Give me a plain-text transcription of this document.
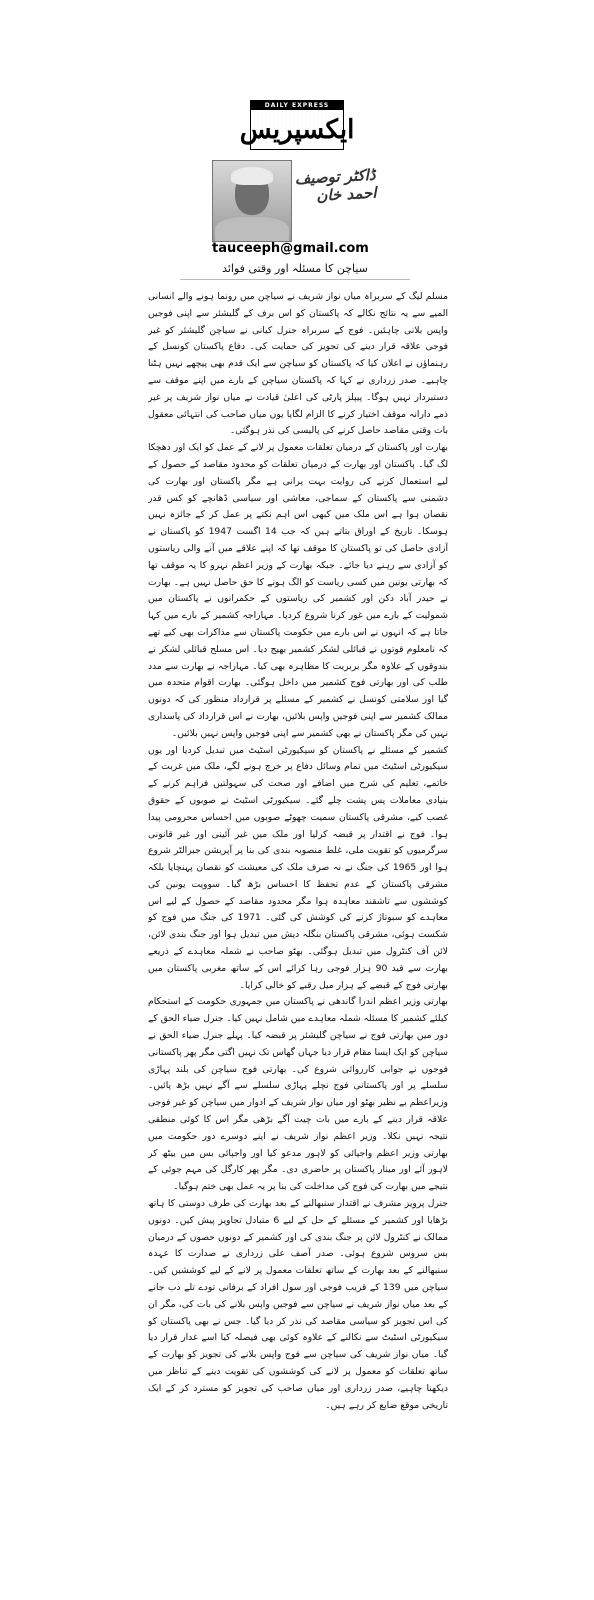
DAILY EXPRESS
ایکسپریس
ڈاکٹر توصیف احمد خان
tauceeph@gmail.com
سیاچن کا مسئلہ اور وقتی فوائد

مسلم لیگ کے سربراہ میاں نواز شریف نے سیاچن میں رونما ہونے والے انسانی المیے سے یہ نتائج نکالے کہ پاکستان کو اس برف کے گلیشئر سے اپنی فوجیں واپس بلانی چاہئیں۔ فوج کے سربراہ جنرل کیانی نے سیاچن گلیشئر کو غیر فوجی علاقہ قرار دینے کی تجویز کی حمایت کی۔ دفاع پاکستان کونسل کے رہنماؤں نے اعلان کیا کہ پاکستان کو سیاچن سے ایک قدم بھی پیچھے نہیں ہٹنا چاہیے۔ صدر زرداری نے کہا کہ پاکستان سیاچن کے بارے میں اپنے موقف سے دستبردار نہیں ہوگا۔ پیپلز پارٹی کی اعلیٰ قیادت نے میاں نواز شریف پر غیر ذمے دارانہ موقف اختیار کرنے کا الزام لگایا یوں میاں صاحب کی انتہائی معقول بات وقتی مقاصد حاصل کرنے کی پالیسی کی نذر ہوگئی۔

بھارت اور پاکستان کے درمیان تعلقات معمول پر لانے کے عمل کو ایک اور دھچکا لگ گیا۔ پاکستان اور بھارت کے درمیان تعلقات کو محدود مقاصد کے حصول کے لیے استعمال کرنے کی روایت بہت پرانی ہے مگر پاکستان اور بھارت کی دشمنی سے پاکستان کے سماجی، معاشی اور سیاسی ڈھانچے کو کس قدر نقصان ہوا ہے اس ملک میں کبھی اس اہم نکتے پر عمل کر کے جائزہ نہیں ہوسکا۔ تاریخ کے اوراق بتاتے ہیں کہ جب 14 اگست 1947 کو پاکستان نے آزادی حاصل کی تو پاکستان کا موقف تھا کہ اپنے علاقے میں آنے والی ریاستوں کو آزادی سے رہنے دیا جائے۔ جبکہ بھارت کے وزیر اعظم نہرو کا یہ موقف تھا کہ بھارتی یونین میں کسی ریاست کو الگ ہونے کا حق حاصل نہیں ہے۔ بھارت نے حیدر آباد دکن اور کشمیر کی ریاستوں کے حکمرانوں نے پاکستان میں شمولیت کے بارے میں غور کرنا شروع کردیا۔ مہاراجہ کشمیر کے بارے میں کہا جاتا ہے کہ انہوں نے اس بارے میں حکومت پاکستان سے مذاکرات بھی کیے تھے کہ نامعلوم قوتوں نے قبائلی لشکر کشمیر بھیج دیا۔ اس مسلح قبائلی لشکر نے بندوقوں کے علاوہ مگر بربریت کا مظاہرہ بھی کیا۔ مہاراجہ نے بھارت سے مدد طلب کی اور بھارتی فوج کشمیر میں داخل ہوگئی۔ بھارت اقوام متحدہ میں گیا اور سلامتی کونسل نے کشمیر کے مسئلے پر قرارداد منظور کی کہ دونوں ممالک کشمیر سے اپنی فوجیں واپس بلائیں، بھارت نے اس قرارداد کی پاسداری نہیں کی مگر پاکستان نے بھی کشمیر سے اپنی فوجیں واپس نہیں بلائیں۔

کشمیر کے مسئلے نے پاکستان کو سیکیورٹی اسٹیٹ میں تبدیل کردیا اور یوں سیکیورٹی اسٹیٹ میں تمام وسائل دفاع پر خرچ ہونے لگے، ملک میں غربت کے خاتمے، تعلیم کی شرح میں اضافے اور صحت کی سہولتیں فراہم کرنے کے بنیادی معاملات پس پشت چلے گئے۔ سیکیورٹی اسٹیٹ نے صوبوں کے حقوق غصب کیے، مشرقی پاکستان سمیت چھوٹے صوبوں میں احساس محرومی پیدا ہوا۔ فوج نے اقتدار پر قبضہ کرلیا اور ملک میں غیر آئینی اور غیر قانونی سرگرمیوں کو تقویت ملی، غلط منصوبہ بندی کی بنا پر آپریشن جبرالٹر شروع ہوا اور 1965 کی جنگ نے نہ صرف ملک کی معیشت کو نقصان پہنچایا بلکہ مشرقی پاکستان کے عدم تحفظ کا احساس بڑھ گیا۔ سوویت یونین کی کوششوں سے تاشقند معاہدہ ہوا مگر محدود مقاصد کے حصول کے لیے اس معاہدے کو سبوتاژ کرنے کی کوشش کی گئی۔ 1971 کی جنگ میں فوج کو شکست ہوئی، مشرقی پاکستان بنگلہ دیش میں تبدیل ہوا اور جنگ بندی لائن، لائن آف کنٹرول میں تبدیل ہوگئی۔ بھٹو صاحب نے شملہ معاہدے کے ذریعے بھارت سے قید 90 ہزار فوجی رہا کرائے اس کے ساتھ مغربی پاکستان میں بھارتی فوج کے قبضے کے ہزار میل رقبے کو خالی کرایا۔

بھارتی وزیر اعظم اندرا گاندھی نے پاکستان میں جمہوری حکومت کے استحکام کیلئے کشمیر کا مسئلہ شملہ معاہدے میں شامل نہیں کیا۔ جنرل ضیاء الحق کے دور میں بھارتی فوج نے سیاچن گلیشئر پر قبضہ کیا۔ پہلے جنرل ضیاء الحق نے سیاچن کو ایک ایسا مقام قرار دیا جہاں گھاس تک نہیں اگتی مگر پھر پاکستانی فوجوں نے جوابی کارروائی شروع کی۔ بھارتی فوج سیاچن کی بلند پہاڑی سلسلے پر اور پاکستانی فوج نچلے پہاڑی سلسلے سے آگے نہیں بڑھ پائیں۔ وزیراعظم بے نظیر بھٹو اور میاں نواز شریف کے ادوار میں سیاچن کو غیر فوجی علاقہ قرار دینے کے بارے میں بات چیت آگے بڑھی مگر اس کا کوئی منطقی نتیجہ نہیں نکلا۔ وزیر اعظم نواز شریف نے اپنے دوسرے دور حکومت میں بھارتی وزیر اعظم واجپائی کو لاہور مدعو کیا اور واجپائی بس میں بیٹھ کر لاہور آئے اور مینار پاکستان پر حاضری دی۔ مگر پھر کارگل کی مہم جوئی کے نتیجے میں بھارت کی فوج کی مداخلت کی بنا پر یہ عمل بھی ختم ہوگیا۔

جنرل پرویز مشرف نے اقتدار سنبھالنے کے بعد بھارت کی طرف دوستی کا ہاتھ بڑھایا اور کشمیر کے مسئلے کے حل کے لیے 6 متبادل تجاویز پیش کیں۔ دونوں ممالک نے کنٹرول لائن پر جنگ بندی کی اور کشمیر کے دونوں حصوں کے درمیان بس سروس شروع ہوئی۔ صدر آصف علی زرداری نے صدارت کا عہدہ سنبھالنے کے بعد بھارت کے ساتھ تعلقات معمول پر لانے کے لیے کوششیں کیں۔ سیاچن میں 139 کے قریب فوجی اور سول افراد کے برفانی تودے تلے دب جانے کے بعد میاں نواز شریف نے سیاچن سے فوجیں واپس بلانے کی بات کی، مگر ان کی اس تجویز کو سیاسی مقاصد کی نذر کر دیا گیا۔ جس نے بھی پاکستان کو سیکیورٹی اسٹیٹ سے نکالنے کے علاوہ کوئی بھی فیصلہ کیا اسے غدار قرار دیا گیا۔ میاں نواز شریف کی سیاچن سے فوج واپس بلانے کی تجویز کو بھارت کے ساتھ تعلقات کو معمول پر لانے کی کوششوں کی تقویت دینے کے تناظر میں دیکھنا چاہیے، صدر زرداری اور میاں صاحب کی تجویز کو مسترد کر کے ایک تاریخی موقع ضایع کر رہے ہیں۔
